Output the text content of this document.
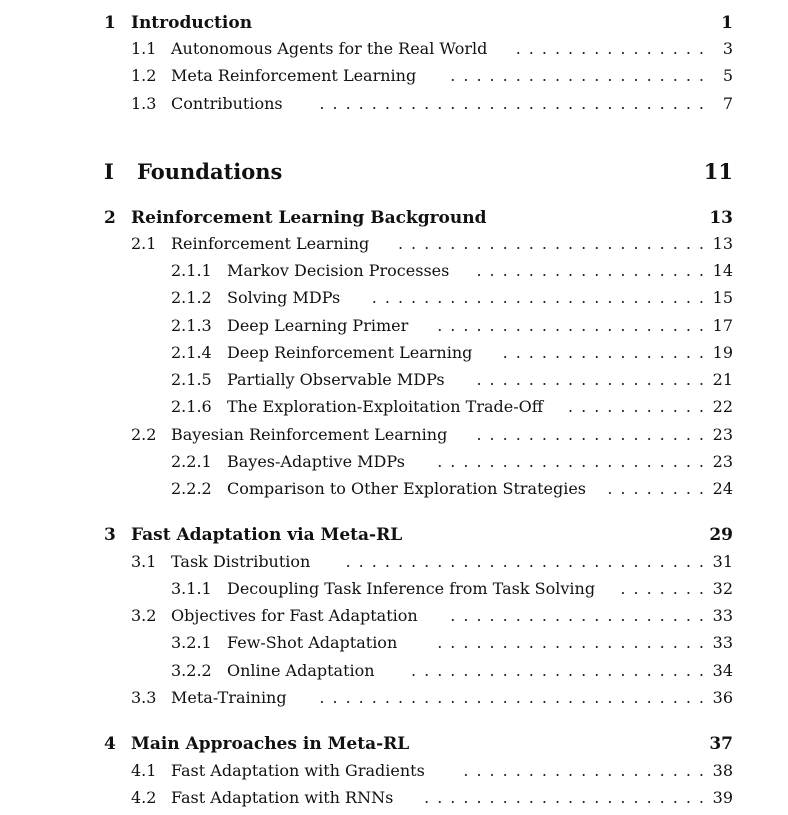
1 Introduction	1
1.1 Autonomous Agents for the Real World	. . . . . . . . . . . . . . . 3
1.2 Meta Reinforcement Learning	. . . . . . . . . . . . . . . . . . . . 5
1.3 Contributions	. . . . . . . . . . . . . . . . . . . . . . . . . . . . . . 7
I Foundations	11
2 Reinforcement Learning Background	13
2.1 Reinforcement Learning	. . . . . . . . . . . . . . . . . . . . . . . . 13
2.1.1 Markov Decision Processes	. . . . . . . . . . . . . . . . . . 14
2.1.2 Solving MDPs	. . . . . . . . . . . . . . . . . . . . . . . . . . 15
2.1.3 Deep Learning Primer	. . . . . . . . . . . . . . . . . . . . . 17
2.1.4 Deep Reinforcement Learning	. . . . . . . . . . . . . . . . 19
2.1.5 Partially Observable MDPs	. . . . . . . . . . . . . . . . . . 21
2.1.6 The Exploration-Exploitation Trade-Off	. . . . . . . . . . . 22
2.2 Bayesian Reinforcement Learning	. . . . . . . . . . . . . . . . . . 23
2.2.1 Bayes-Adaptive MDPs	. . . . . . . . . . . . . . . . . . . . . 23
2.2.2 Comparison to Other Exploration Strategies	. . . . . . . . 24
3 Fast Adaptation via Meta-RL	29
3.1 Task Distribution	. . . . . . . . . . . . . . . . . . . . . . . . . . . . 31
3.1.1 Decoupling Task Inference from Task Solving	. . . . . . . 32
3.2 Objectives for Fast Adaptation	. . . . . . . . . . . . . . . . . . . . 33
3.2.1 Few-Shot Adaptation	. . . . . . . . . . . . . . . . . . . . . 33
3.2.2 Online Adaptation	. . . . . . . . . . . . . . . . . . . . . . . 34
3.3 Meta-Training	. . . . . . . . . . . . . . . . . . . . . . . . . . . . . . 36
4 Main Approaches in Meta-RL	37
4.1 Fast Adaptation with Gradients	. . . . . . . . . . . . . . . . . . . 38
4.2 Fast Adaptation with RNNs	. . . . . . . . . . . . . . . . . . . . . . 39
